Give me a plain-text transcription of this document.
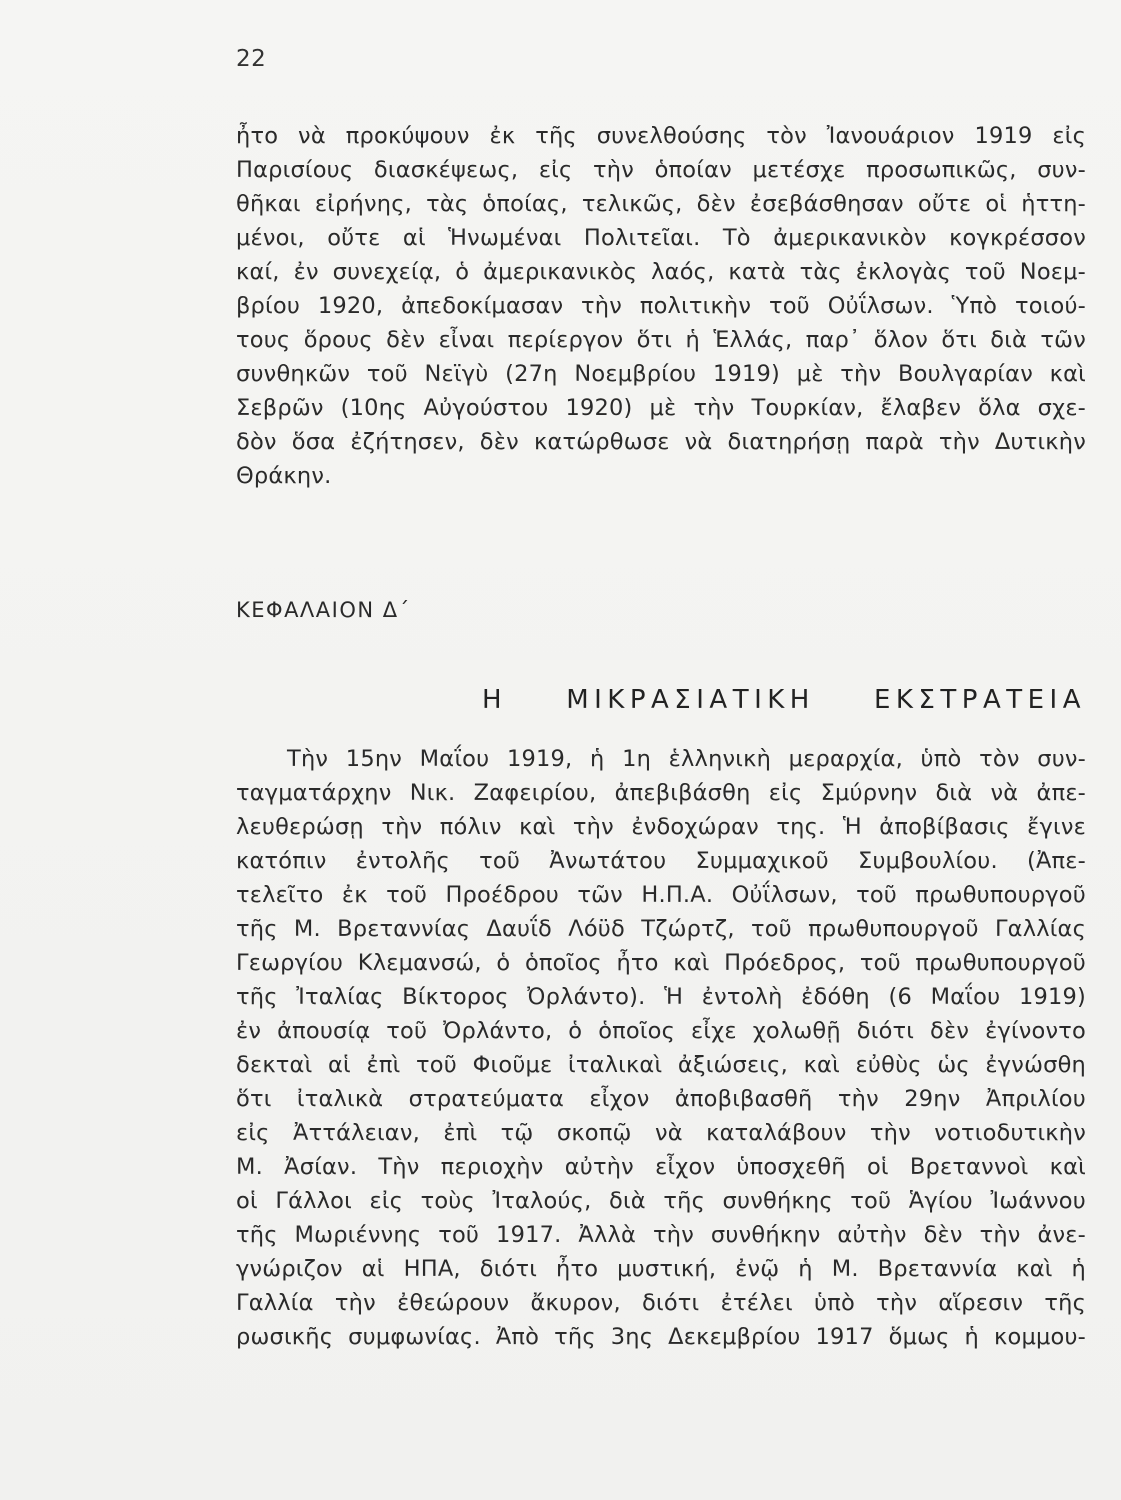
22
ἦτο νὰ προκύψουν ἐκ τῆς συνελθούσης τὸν Ἰανουάριον 1919 εἰς
Παρισίους διασκέψεως, εἰς τὴν ὁποίαν μετέσχε προσωπικῶς, συν-
θῆκαι εἰρήνης, τὰς ὁποίας, τελικῶς, δὲν ἐσεβάσθησαν οὔτε οἱ ἡττη-
μένοι, οὔτε αἱ Ἡνωμέναι Πολιτεῖαι. Τὸ ἀμερικανικὸν κογκρέσσον
καί, ἐν συνεχείᾳ, ὁ ἀμερικανικὸς λαός, κατὰ τὰς ἐκλογὰς τοῦ Νοεμ-
βρίου 1920, ἀπεδοκίμασαν τὴν πολιτικὴν τοῦ Οὐΐλσων. Ὑπὸ τοιού-
τους ὅρους δὲν εἶναι περίεργον ὅτι ἡ Ἑλλάς, παρ᾽ ὅλον ὅτι διὰ τῶν
συνθηκῶν τοῦ Νεϊγὺ (27η Νοεμβρίου 1919) μὲ τὴν Βουλγαρίαν καὶ
Σεβρῶν (10ης Αὐγούστου 1920) μὲ τὴν Τουρκίαν, ἔλαβεν ὅλα σχε-
δὸν ὅσα ἐζήτησεν, δὲν κατώρθωσε νὰ διατηρήσῃ παρὰ τὴν Δυτικὴν
Θράκην.
ΚΕΦΑΛΑΙΟΝ Δ΄
Η ΜΙΚΡΑΣΙΑΤΙΚΗ ΕΚΣΤΡΑΤΕΙΑ
Τὴν 15ην Μαΐου 1919, ἡ 1η ἑλληνικὴ μεραρχία, ὑπὸ τὸν συν-
ταγματάρχην Νικ. Ζαφειρίου, ἀπεβιβάσθη εἰς Σμύρνην διὰ νὰ ἀπε-
λευθερώσῃ τὴν πόλιν καὶ τὴν ἐνδοχώραν της. Ἡ ἀποβίβασις ἔγινε
κατόπιν ἐντολῆς τοῦ Ἀνωτάτου Συμμαχικοῦ Συμβουλίου. (Ἀπε-
τελεῖτο ἐκ τοῦ Προέδρου τῶν Η.Π.Α. Οὐΐλσων, τοῦ πρωθυπουργοῦ
τῆς Μ. Βρεταννίας Δαυΐδ Λόϋδ Τζώρτζ, τοῦ πρωθυπουργοῦ Γαλλίας
Γεωργίου Κλεμανσώ, ὁ ὁποῖος ἦτο καὶ Πρόεδρος, τοῦ πρωθυπουργοῦ
τῆς Ἰταλίας Βίκτορος Ὀρλάντο). Ἡ ἐντολὴ ἐδόθη (6 Μαΐου 1919)
ἐν ἀπουσίᾳ τοῦ Ὀρλάντο, ὁ ὁποῖος εἶχε χολωθῇ διότι δὲν ἐγίνοντο
δεκταὶ αἱ ἐπὶ τοῦ Φιοῦμε ἰταλικαὶ ἀξιώσεις, καὶ εὐθὺς ὡς ἐγνώσθη
ὅτι ἰταλικὰ στρατεύματα εἶχον ἀποβιβασθῆ τὴν 29ην Ἀπριλίου
εἰς Ἀττάλειαν, ἐπὶ τῷ σκοπῷ νὰ καταλάβουν τὴν νοτιοδυτικὴν
Μ. Ἀσίαν. Τὴν περιοχὴν αὐτὴν εἶχον ὑποσχεθῆ οἱ Βρεταννοὶ καὶ
οἱ Γάλλοι εἰς τοὺς Ἰταλούς, διὰ τῆς συνθήκης τοῦ Ἁγίου Ἰωάννου
τῆς Μωριέννης τοῦ 1917. Ἀλλὰ τὴν συνθήκην αὐτὴν δὲν τὴν ἀνε-
γνώριζον αἱ ΗΠΑ, διότι ἦτο μυστική, ἐνῷ ἡ Μ. Βρεταννία καὶ ἡ
Γαλλία τὴν ἐθεώρουν ἄκυρον, διότι ἐτέλει ὑπὸ τὴν αἵρεσιν τῆς
ρωσικῆς συμφωνίας. Ἀπὸ τῆς 3ης Δεκεμβρίου 1917 ὅμως ἡ κομμου-
